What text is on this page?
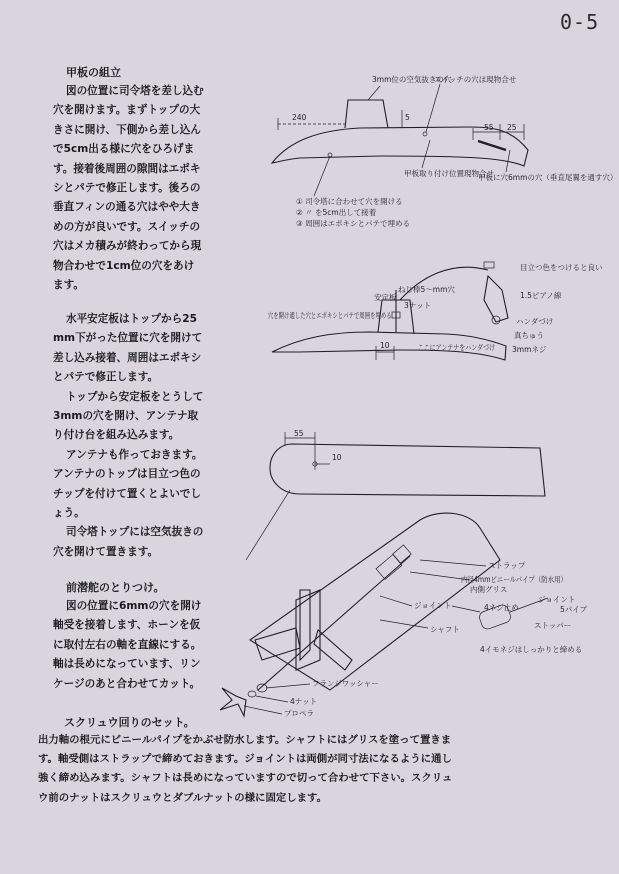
0-5
甲板の組立

図の位置に司令塔を差し込む

穴を開けます。まずトップの大

きさに開け、下側から差し込ん

で5cm出る様に穴をひろげま

す。接着後周囲の隙間はエポキ

シとパテで修正します。後ろの

垂直フィンの通る穴はやや大き

めの方が良いです。スイッチの

穴はメカ積みが終わってから現

物合わせで1cm位の穴をあけ

ます。

水平安定板はトップから25

mm下がった位置に穴を開けて

差し込み接着、周囲はエポキシ

とパテで修正します。

トップから安定板をとうして

3mmの穴を開け、アンテナ取

り付け台を組み込みます。

アンテナも作っておきます。

アンテナのトップは目立つ色の

チップを付けて置くとよいでし

ょう。

司令塔トップには空気抜きの

穴を開けて置きます。

前潜舵のとりつけ。

図の位置に6mmの穴を開け

軸受を接着します、ホーンを仮

に取付左右の軸を直線にする。

軸は長めになっています、リン

ケージのあと合わせてカット。

スクリュウ回りのセット。

出力軸の根元にビニールパイプをかぶせ防水します。シャフトにはグリスを塗って置きま

す。軸受側はストラップで締めておきます。ジョイントは両側が同寸法になるように通し

強く締め込みます。シャフトは長めになっていますので切って合わせて下さい。スクリュ

ウ前のナットはスクリュウとダブルナットの様に固定します。

3mm位の空気抜きの穴
スイッチの穴は現物合せ
240	5
55 25
甲板取り付け位置現物合せ
甲板に穴6mmの穴（垂直尾翼を通す穴）
① 司令塔に合わせて穴を開ける
② 〃 を5cm出して接着
③ 周囲はエポキシとパテで埋める
ねじ棒5〜mm穴
3ナット
安定板
穴を開け通した穴とエポキシとパテで周囲を埋める
10	ここにアンテナをハンダづけ
目立つ色をつけると良い
1.5ピアノ線
ハンダづけ
真ちゅう
3mmネジ
55
10
ストラップ
内径4mmビニールパイプ（防水用）
内側グリス
ジョイント	4ネジ止め
ジョイント
5パイプ
ストッパー
シャフト
4イモネジはしっかりと締める
フランジワッシャー
4ナット
プロペラ
